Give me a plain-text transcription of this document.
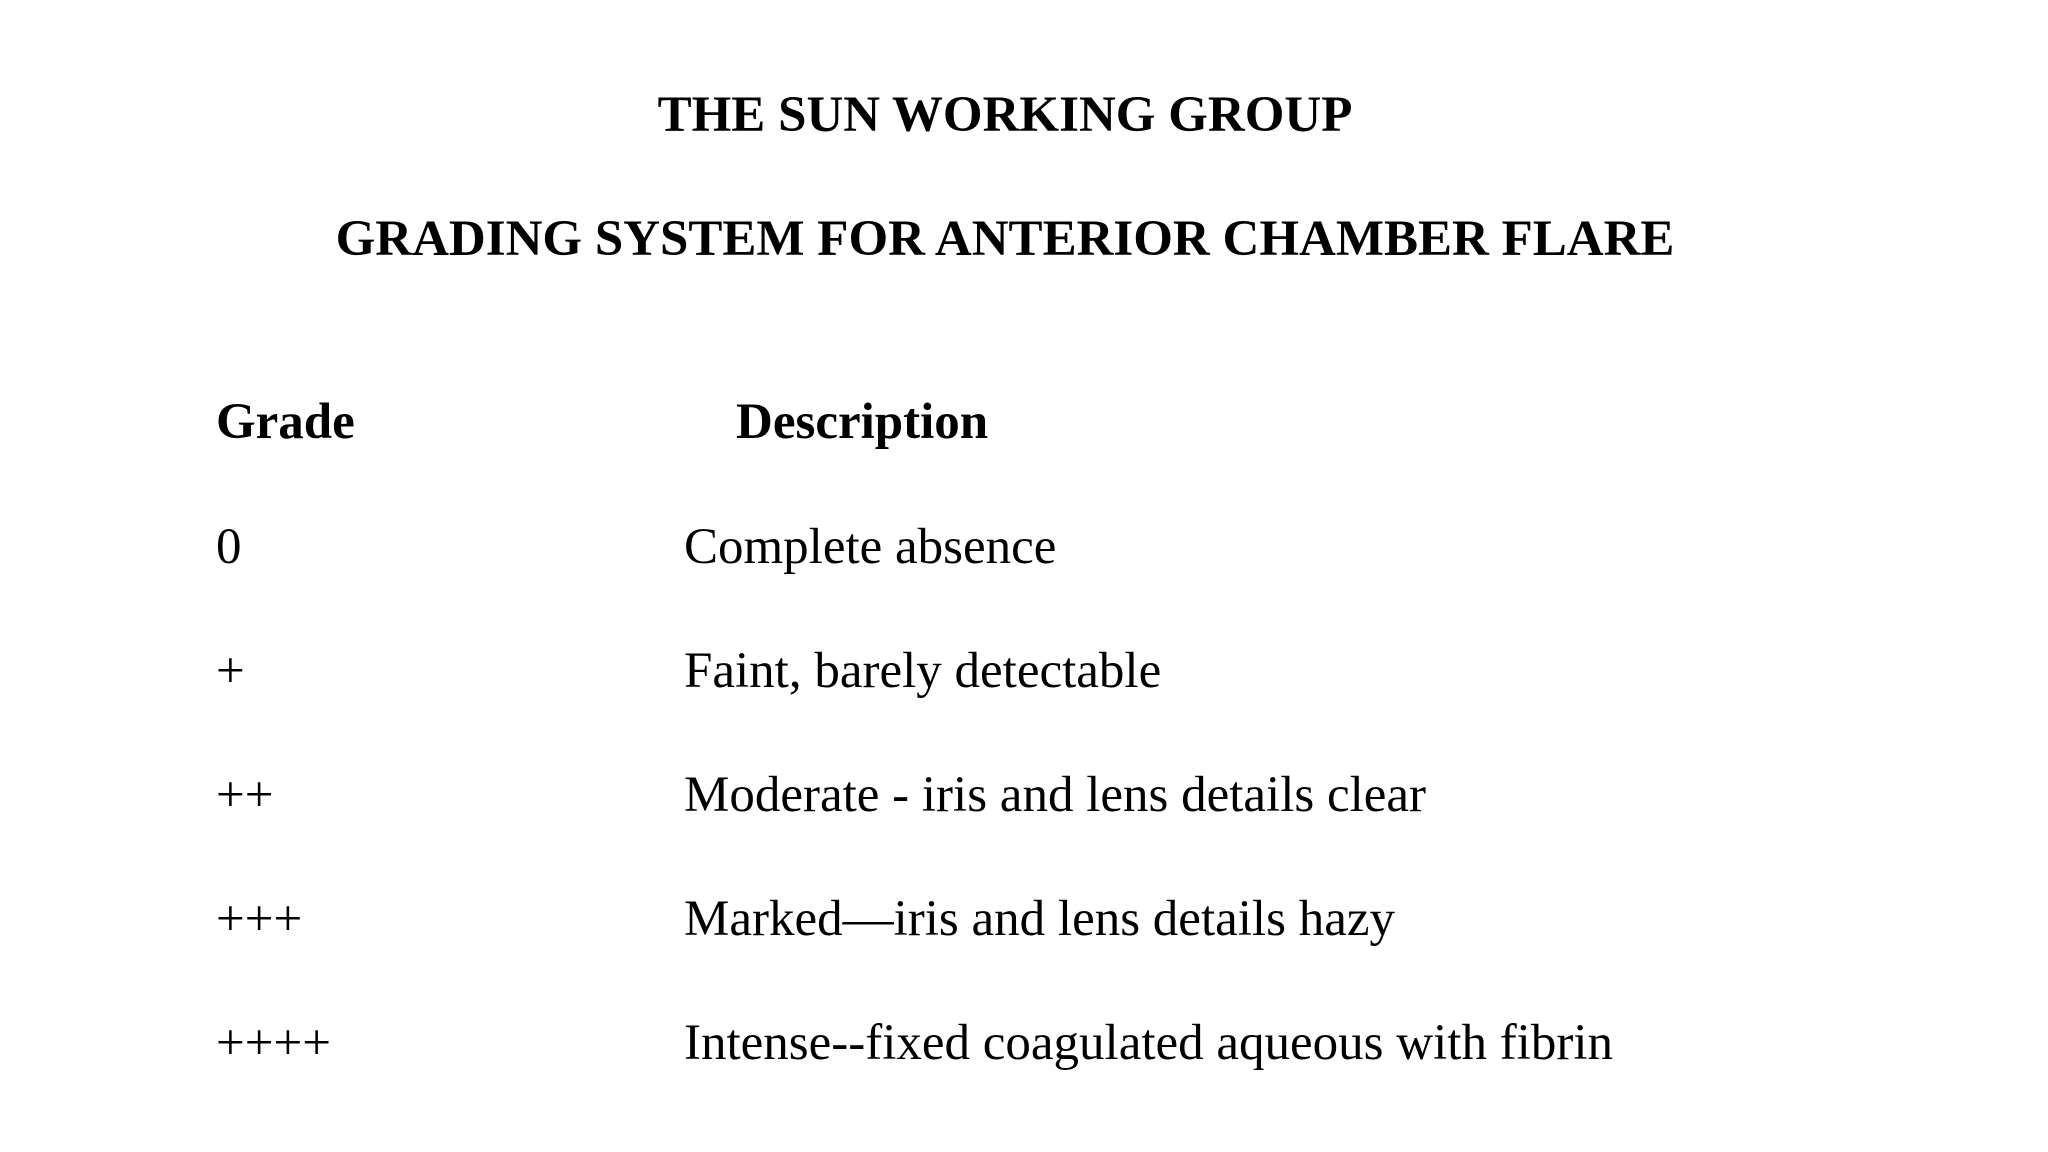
THE SUN WORKING GROUP
GRADING SYSTEM FOR ANTERIOR CHAMBER FLARE
Grade	Description
0	Complete absence
+	Faint, barely detectable
++	Moderate - iris and lens details clear
+++	Marked—iris and lens details hazy
++++	Intense--fixed coagulated aqueous with fibrin
